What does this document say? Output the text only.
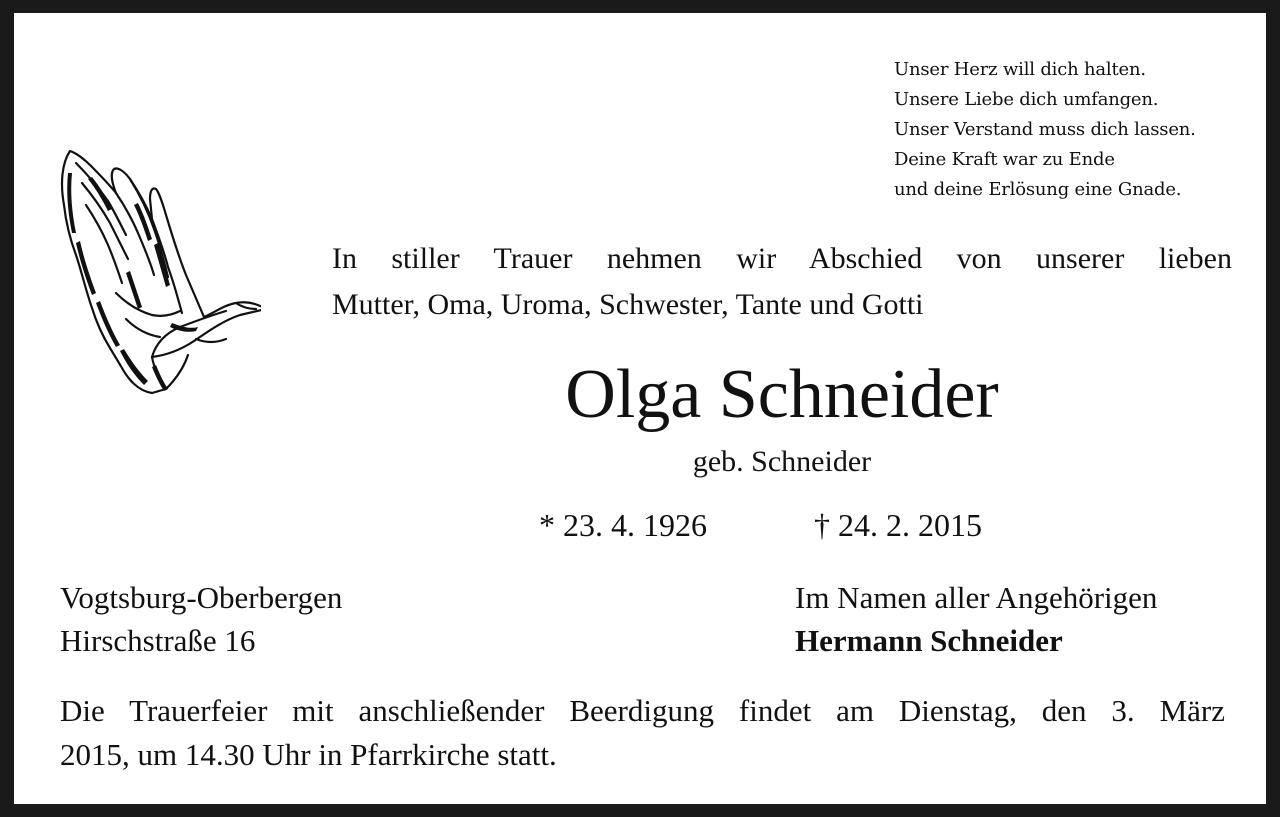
Unser Herz will dich halten.
Unsere Liebe dich umfangen.
Unser Verstand muss dich lassen.
Deine Kraft war zu Ende
und deine Erlösung eine Gnade.
In stiller Trauer nehmen wir Abschied von unserer lieben
Mutter, Oma, Uroma, Schwester, Tante und Gotti
Olga Schneider
geb. Schneider
* 23. 4. 1926	† 24. 2. 2015
Vogtsburg-Oberbergen
Hirschstraße 16
Im Namen aller Angehörigen
Hermann Schneider
Die Trauerfeier mit anschließender Beerdigung findet am Dienstag, den 3. März
2015, um 14.30 Uhr in Pfarrkirche statt.
